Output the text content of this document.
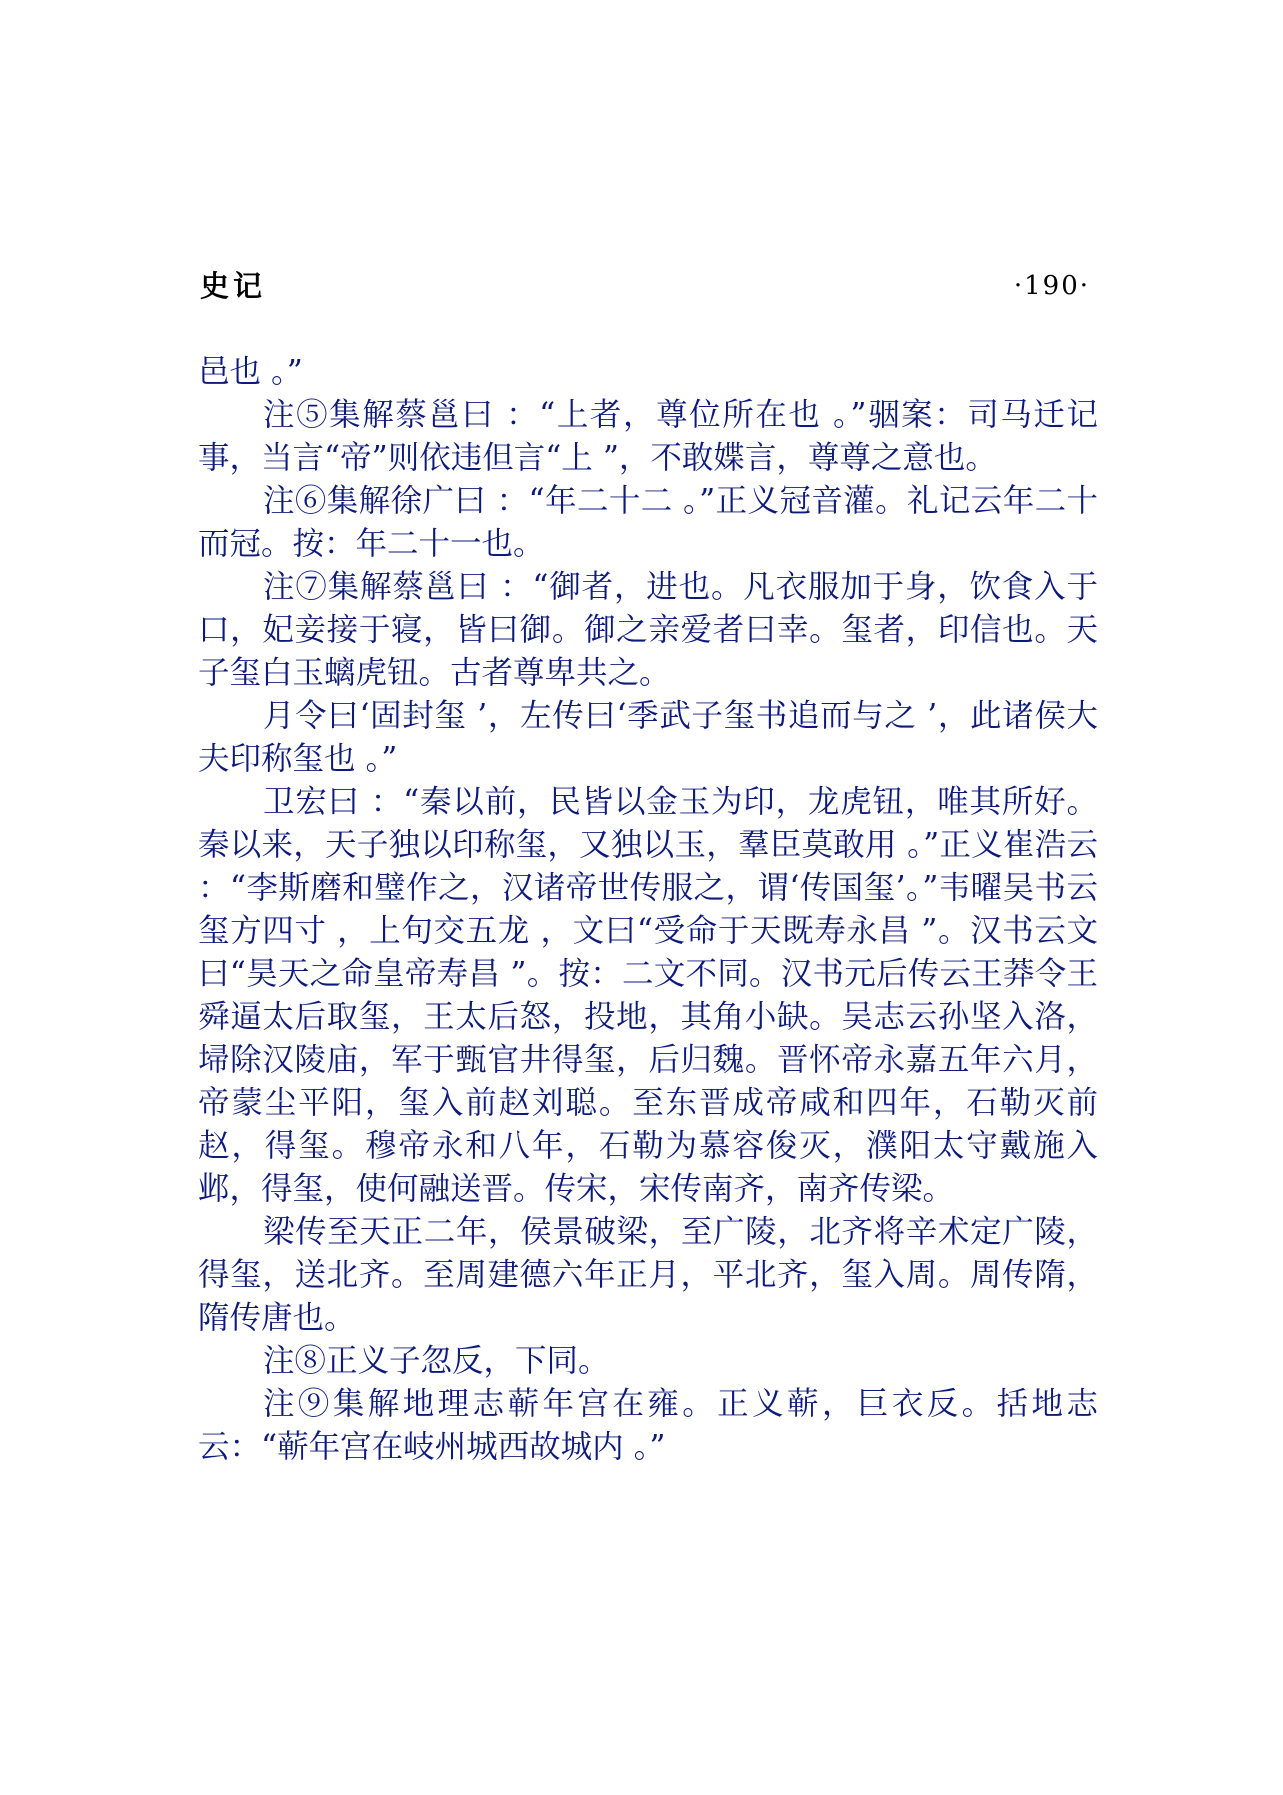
史记	·190·

邑也 。”

注⑤集解蔡邕曰 ：“上者，尊位所在也 。”骃案：司马迁记事，当言“帝”则依违但言“上 ”，不敢媟言，尊尊之意也。

注⑥集解徐广曰 ：“年二十二 。”正义冠音灌。礼记云年二十而冠。按：年二十一也。

注⑦集解蔡邕曰 ：“御者，进也。凡衣服加于身，饮食入于口，妃妾接于寝，皆曰御。御之亲爱者曰幸。玺者，印信也。天子玺白玉螭虎钮。古者尊卑共之。

月令曰‘固封玺 ’，左传曰‘季武子玺书追而与之 ’，此诸侯大夫印称玺也 。”

卫宏曰 ：“秦以前，民皆以金玉为印，龙虎钮，唯其所好。秦以来，天子独以印称玺，又独以玉，羣臣莫敢用 。”正义崔浩云 ：“李斯磨和璧作之，汉诸帝世传服之，谓‘传国玺’。”韦曜吴书云玺方四寸 ，上句交五龙 ，文曰“受命于天既寿永昌 ”。汉书云文曰“昊天之命皇帝寿昌 ”。按：二文不同。汉书元后传云王莽令王舜逼太后取玺，王太后怒，投地，其角小缺。吴志云孙坚入洛，埽除汉陵庙，军于甄官井得玺，后归魏。晋怀帝永嘉五年六月，帝蒙尘平阳，玺入前赵刘聪。至东晋成帝咸和四年，石勒灭前赵，得玺。穆帝永和八年，石勒为慕容俊灭，濮阳太守戴施入邺，得玺，使何融送晋。传宋，宋传南齐，南齐传梁。

梁传至天正二年，侯景破梁，至广陵，北齐将辛术定广陵，得玺，送北齐。至周建德六年正月，平北齐，玺入周。周传隋，隋传唐也。

注⑧正义子忽反，下同。

注⑨集解地理志蕲年宫在雍。正义蕲，巨衣反。括地志云：“蕲年宫在岐州城西故城内 。”
